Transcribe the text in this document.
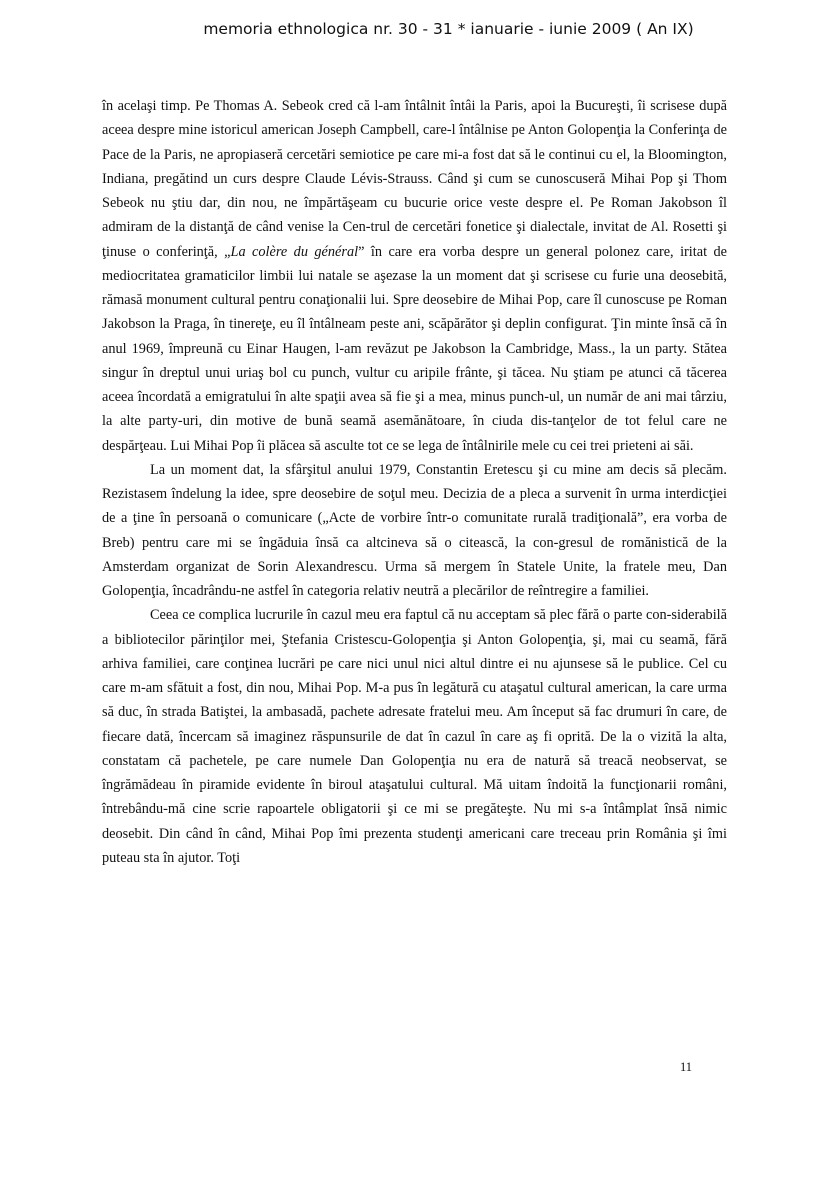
memoria ethnologica nr. 30 - 31 * ianuarie - iunie 2009 ( An IX)

în acelaşi timp. Pe Thomas A. Sebeok cred că l-am întâlnit întâi la Paris, apoi la Bucureşti, îi scrisese după aceea despre mine istoricul american Joseph Campbell, care-l întâlnise pe Anton Golopenţia la Conferinţa de Pace de la Paris, ne apropiaseră cercetări semiotice pe care mi-a fost dat să le continui cu el, la Bloomington, Indiana, pregătind un curs despre Claude Lévis-Strauss. Când şi cum se cunoscuseră Mihai Pop şi Thom Sebeok nu ştiu dar, din nou, ne împărtăşeam cu bucurie orice veste despre el. Pe Roman Jakobson îl admiram de la distanţă de când venise la Cen-trul de cercetări fonetice şi dialectale, invitat de Al. Rosetti şi ţinuse o conferinţă, „La colère du général” în care era vorba despre un general polonez care, iritat de mediocritatea gramaticilor limbii lui natale se aşezase la un moment dat şi scrisese cu furie una deosebită, rămasă monument cultural pentru conaţionalii lui. Spre deosebire de Mihai Pop, care îl cunoscuse pe Roman Jakobson la Praga, în tinereţe, eu îl întâlneam peste ani, scăpărător şi deplin configurat. Ţin minte însă că în anul 1969, împreună cu Einar Haugen, l-am revăzut pe Jakobson la Cambridge, Mass., la un party. Stătea singur în dreptul unui uriaş bol cu punch, vultur cu aripile frânte, şi tăcea. Nu ştiam pe atunci că tăcerea aceea încordată a emigratului în alte spaţii avea să fie şi a mea, minus punch-ul, un număr de ani mai târziu, la alte party-uri, din motive de bună seamă asemănătoare, în ciuda dis-tanţelor de tot felul care ne despărţeau. Lui Mihai Pop îi plăcea să asculte tot ce se lega de întâlnirile mele cu cei trei prieteni ai săi.

La un moment dat, la sfârşitul anului 1979, Constantin Eretescu şi cu mine am decis să plecăm. Rezistasem îndelung la idee, spre deosebire de soţul meu. Decizia de a pleca a survenit în urma interdicţiei de a ţine în persoană o comunicare („Acte de vorbire într-o comunitate rurală tradiţională”, era vorba de Breb) pentru care mi se îngăduia însă ca altcineva să o citească, la con-gresul de romănistică de la Amsterdam organizat de Sorin Alexandrescu. Urma să mergem în Statele Unite, la fratele meu, Dan Golopenţia, încadrându-ne astfel în categoria relativ neutră a plecărilor de reîntregire a familiei.

Ceea ce complica lucrurile în cazul meu era faptul că nu acceptam să plec fără o parte con-siderabilă a bibliotecilor părinţilor mei, Ştefania Cristescu-Golopenţia şi Anton Golopenţia, şi, mai cu seamă, fără arhiva familiei, care conţinea lucrări pe care nici unul nici altul dintre ei nu ajunsese să le publice. Cel cu care m-am sfătuit a fost, din nou, Mihai Pop. M-a pus în legătură cu ataşatul cultural american, la care urma să duc, în strada Batiştei, la ambasadă, pachete adresate fratelui meu. Am început să fac drumuri în care, de fiecare dată, încercam să imaginez răspunsurile de dat în cazul în care aş fi oprită. De la o vizită la alta, constatam că pachetele, pe care numele Dan Golopenţia nu era de natură să treacă neobservat, se îngrămădeau în piramide evidente în biroul ataşatului cultural. Mă uitam îndoită la funcţionarii români, întrebându-mă cine scrie rapoartele obligatorii şi ce mi se pregăteşte. Nu mi s-a întâmplat însă nimic deosebit. Din când în când, Mihai Pop îmi prezenta studenţi americani care treceau prin România şi îmi puteau sta în ajutor. Toţi

11
